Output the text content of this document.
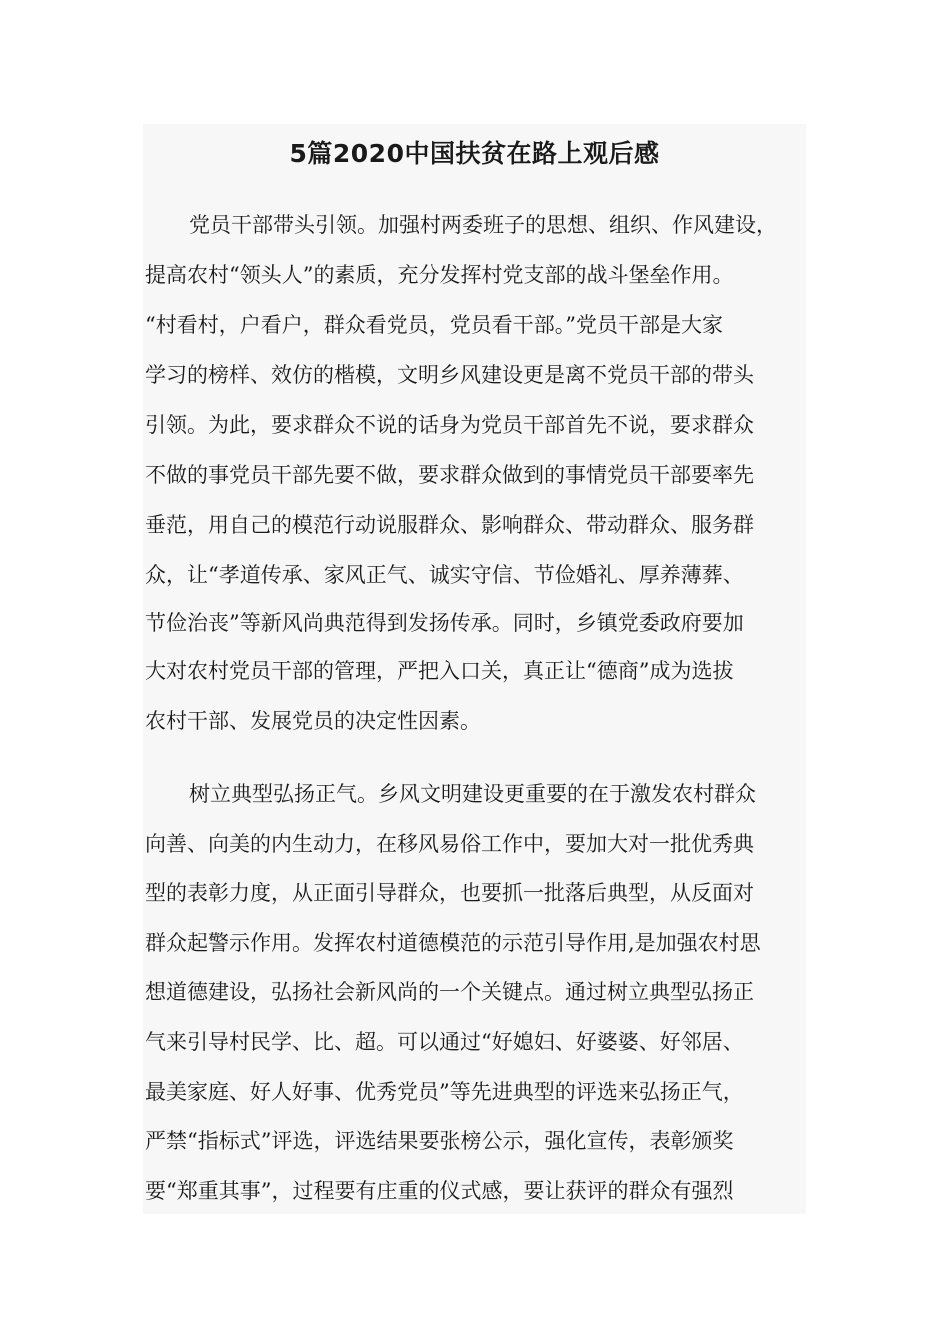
5篇2020中国扶贫在路上观后感

党员干部带头引领。加强村两委班子的思想、组织、作风建设，

提高农村“领头人”的素质，充分发挥村党支部的战斗堡垒作用。

“村看村，户看户，群众看党员，党员看干部。”党员干部是大家

学习的榜样、效仿的楷模，文明乡风建设更是离不党员干部的带头

引领。为此，要求群众不说的话身为党员干部首先不说，要求群众

不做的事党员干部先要不做，要求群众做到的事情党员干部要率先

垂范，用自己的模范行动说服群众、影响群众、带动群众、服务群

众，让“孝道传承、家风正气、诚实守信、节俭婚礼、厚养薄葬、

节俭治丧”等新风尚典范得到发扬传承。同时，乡镇党委政府要加

大对农村党员干部的管理，严把入口关，真正让“德商”成为选拔

农村干部、发展党员的决定性因素。

树立典型弘扬正气。乡风文明建设更重要的在于激发农村群众

向善、向美的内生动力，在移风易俗工作中，要加大对一批优秀典

型的表彰力度，从正面引导群众，也要抓一批落后典型，从反面对

群众起警示作用。发挥农村道德模范的示范引导作用,是加强农村思

想道德建设，弘扬社会新风尚的一个关键点。通过树立典型弘扬正

气来引导村民学、比、超。可以通过“好媳妇、好婆婆、好邻居、

最美家庭、好人好事、优秀党员”等先进典型的评选来弘扬正气，

严禁“指标式”评选，评选结果要张榜公示，强化宣传，表彰颁奖

要“郑重其事”，过程要有庄重的仪式感，要让获评的群众有强烈
